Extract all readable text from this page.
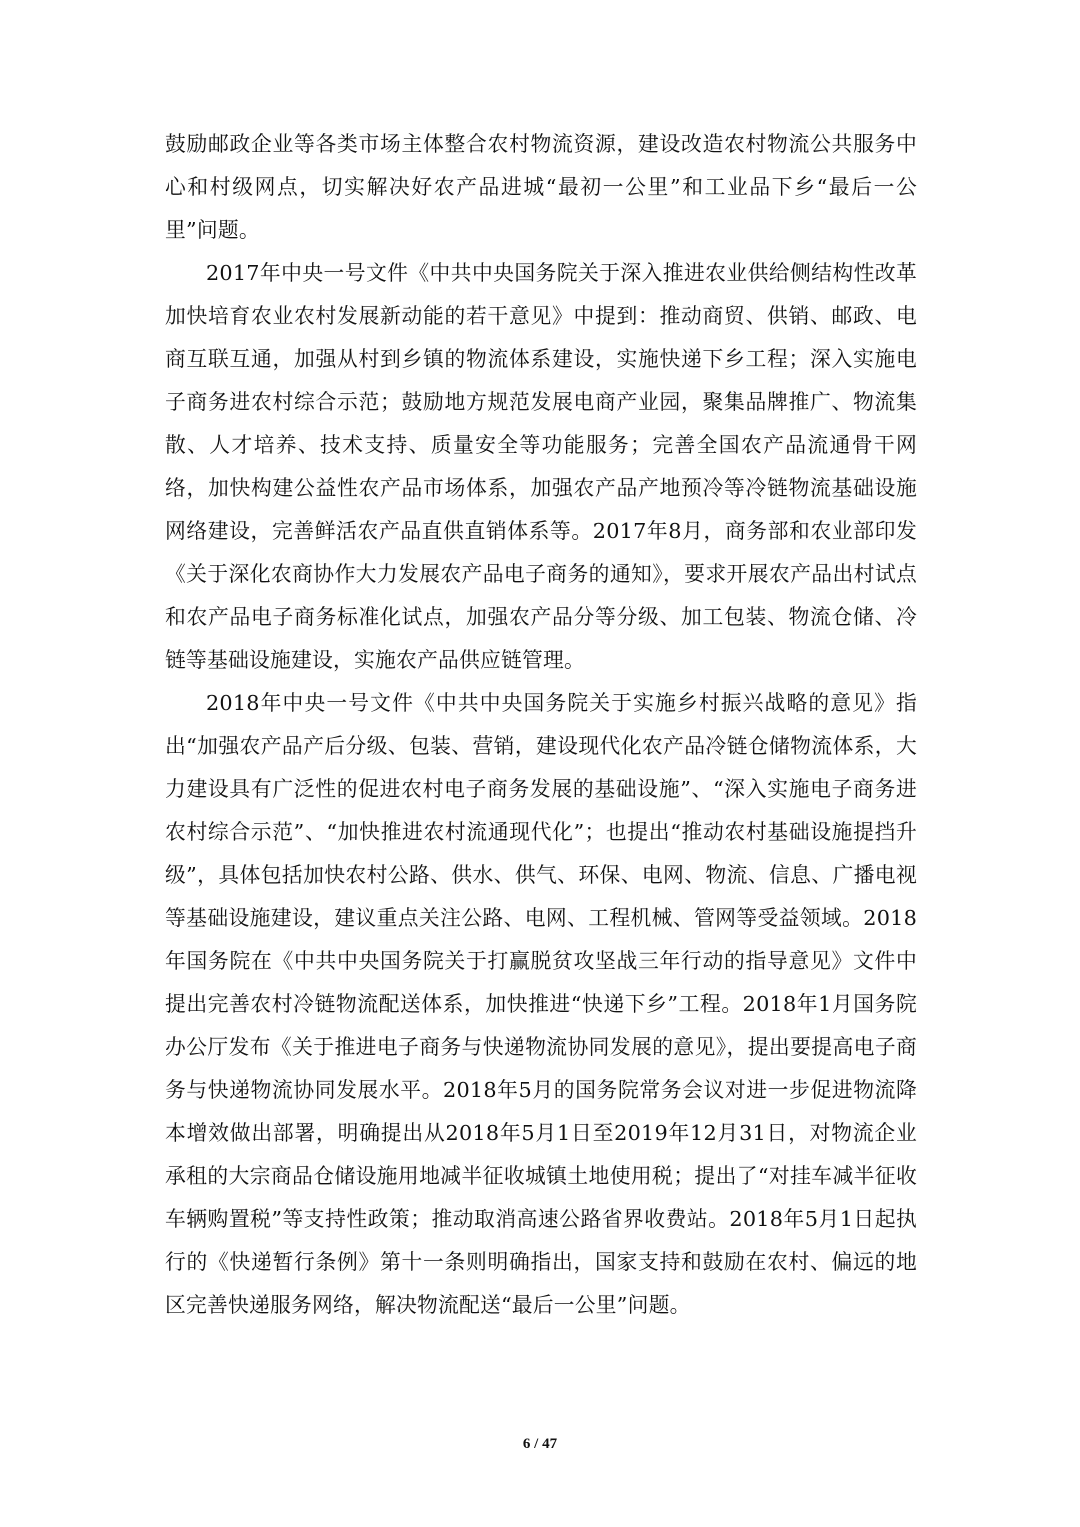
鼓励邮政企业等各类市场主体整合农村物流资源，建设改造农村物流公共服务中心和村级网点，切实解决好农产品进城“最初一公里”和工业品下乡“最后一公里”问题。

2017年中央一号文件《中共中央国务院关于深入推进农业供给侧结构性改革加快培育农业农村发展新动能的若干意见》中提到：推动商贸、供销、邮政、电商互联互通，加强从村到乡镇的物流体系建设，实施快递下乡工程；深入实施电子商务进农村综合示范；鼓励地方规范发展电商产业园，聚集品牌推广、物流集散、人才培养、技术支持、质量安全等功能服务；完善全国农产品流通骨干网络，加快构建公益性农产品市场体系，加强农产品产地预冷等冷链物流基础设施网络建设，完善鲜活农产品直供直销体系等。2017年8月，商务部和农业部印发《关于深化农商协作大力发展农产品电子商务的通知》，要求开展农产品出村试点和农产品电子商务标准化试点，加强农产品分等分级、加工包装、物流仓储、冷链等基础设施建设，实施农产品供应链管理。

2018年中央一号文件《中共中央国务院关于实施乡村振兴战略的意见》指出“加强农产品产后分级、包装、营销，建设现代化农产品冷链仓储物流体系，大力建设具有广泛性的促进农村电子商务发展的基础设施”、“深入实施电子商务进农村综合示范”、“加快推进农村流通现代化”；也提出“推动农村基础设施提挡升级”，具体包括加快农村公路、供水、供气、环保、电网、物流、信息、广播电视等基础设施建设，建议重点关注公路、电网、工程机械、管网等受益领域。2018年国务院在《中共中央国务院关于打赢脱贫攻坚战三年行动的指导意见》文件中提出完善农村冷链物流配送体系，加快推进“快递下乡”工程。2018年1月国务院办公厅发布《关于推进电子商务与快递物流协同发展的意见》，提出要提高电子商务与快递物流协同发展水平。2018年5月的国务院常务会议对进一步促进物流降本增效做出部署，明确提出从2018年5月1日至2019年12月31日，对物流企业承租的大宗商品仓储设施用地减半征收城镇土地使用税；提出了“对挂车减半征收车辆购置税”等支持性政策；推动取消高速公路省界收费站。2018年5月1日起执行的《快递暂行条例》第十一条则明确指出，国家支持和鼓励在农村、偏远的地区完善快递服务网络，解决物流配送“最后一公里”问题。

6 / 47
